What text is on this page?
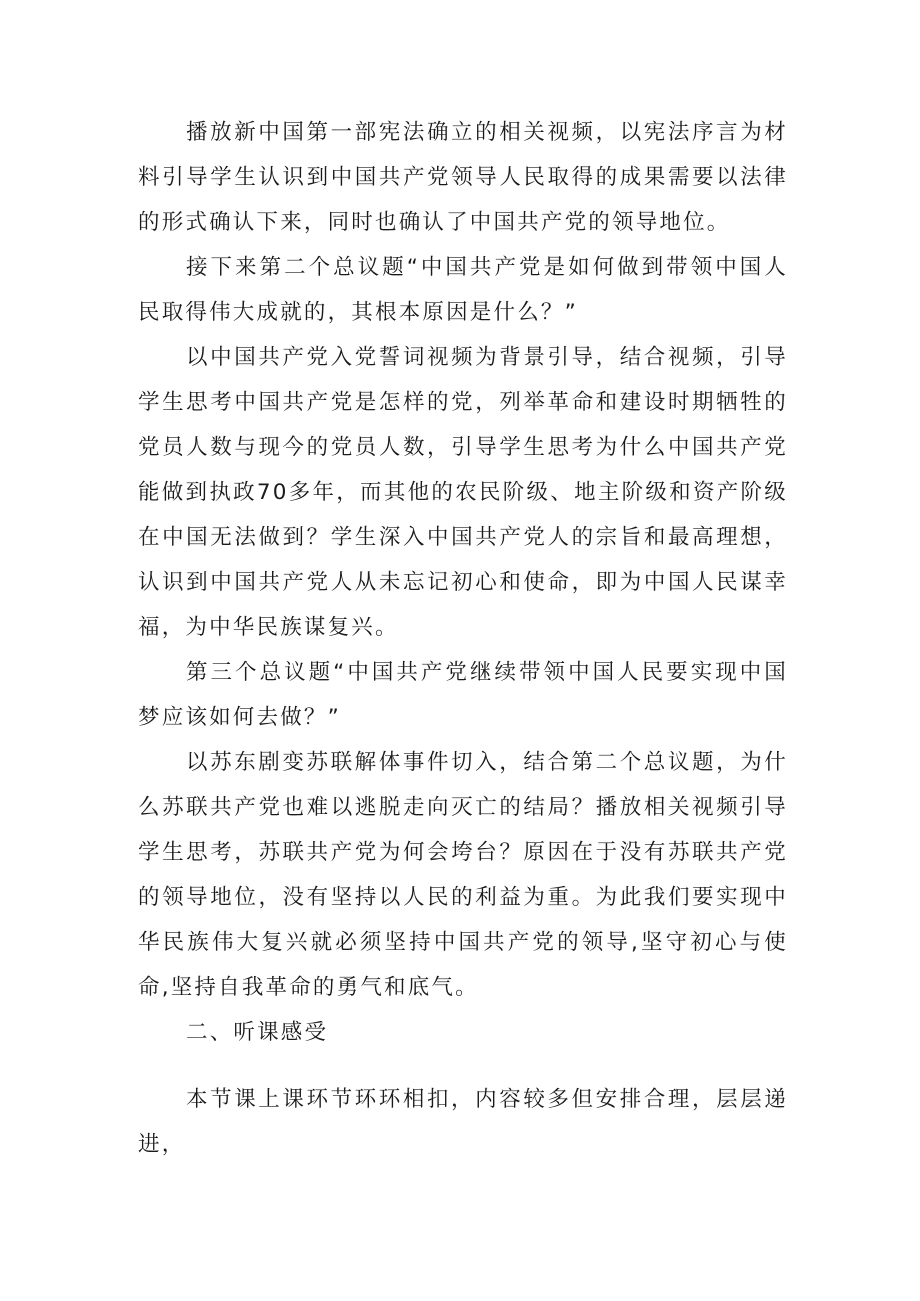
播放新中国第一部宪法确立的相关视频，以宪法序言为材料引导学生认识到中国共产党领导人民取得的成果需要以法律的形式确认下来，同时也确认了中国共产党的领导地位。

接下来第二个总议题“中国共产党是如何做到带领中国人民取得伟大成就的，其根本原因是什么？”

以中国共产党入党誓词视频为背景引导，结合视频，引导学生思考中国共产党是怎样的党，列举革命和建设时期牺牲的党员人数与现今的党员人数，引导学生思考为什么中国共产党能做到执政70多年，而其他的农民阶级、地主阶级和资产阶级在中国无法做到？学生深入中国共产党人的宗旨和最高理想，认识到中国共产党人从未忘记初心和使命，即为中国人民谋幸福，为中华民族谋复兴。

第三个总议题“中国共产党继续带领中国人民要实现中国梦应该如何去做？”

以苏东剧变苏联解体事件切入，结合第二个总议题，为什么苏联共产党也难以逃脱走向灭亡的结局？播放相关视频引导学生思考，苏联共产党为何会垮台？原因在于没有苏联共产党的领导地位，没有坚持以人民的利益为重。为此我们要实现中华民族伟大复兴就必须坚持中国共产党的领导,坚守初心与使命,坚持自我革命的勇气和底气。

二、听课感受

本节课上课环节环环相扣，内容较多但安排合理，层层递进，
